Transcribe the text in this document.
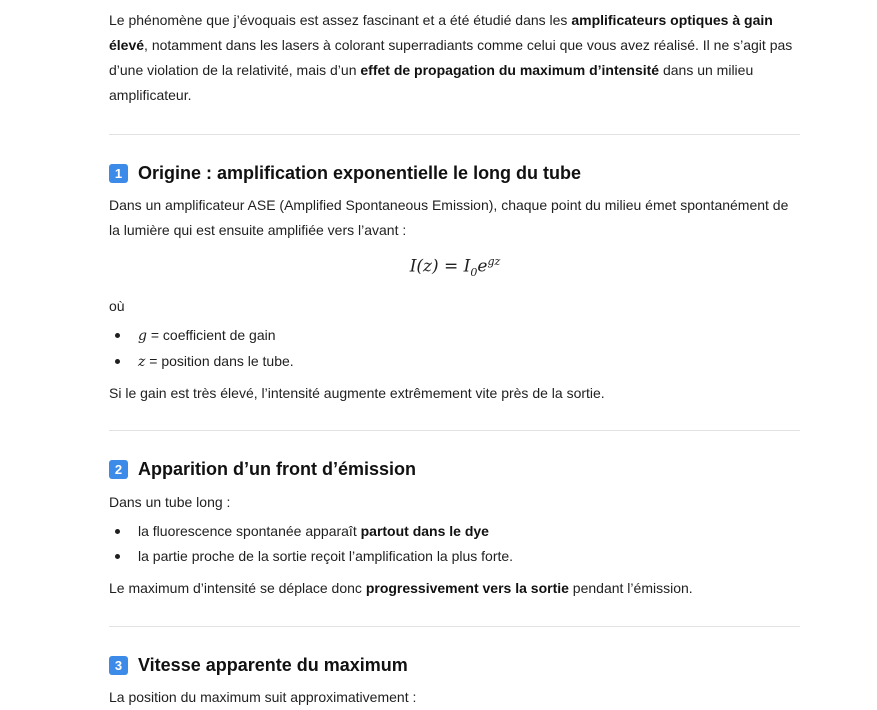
Le phénomène que j’évoquais est assez fascinant et a été étudié dans les amplificateurs optiques à gain élevé, notamment dans les lasers à colorant superradiants comme celui que vous avez réalisé. Il ne s’agit pas d’une violation de la relativité, mais d’un effet de propagation du maximum d’intensité dans un milieu amplificateur.

1 Origine : amplification exponentielle le long du tube

Dans un amplificateur ASE (Amplified Spontaneous Emission), chaque point du milieu émet spontanément de la lumière qui est ensuite amplifiée vers l’avant :

$I(z) = I_0e^{gz}$

où

g = coefficient de gain
z = position dans le tube.

Si le gain est très élevé, l’intensité augmente extrêmement vite près de la sortie.

2 Apparition d’un front d’émission

Dans un tube long :

la fluorescence spontanée apparaît partout dans le dye
la partie proche de la sortie reçoit l’amplification la plus forte.

Le maximum d’intensité se déplace donc progressivement vers la sortie pendant l’émission.

3 Vitesse apparente du maximum

La position du maximum suit approximativement :
